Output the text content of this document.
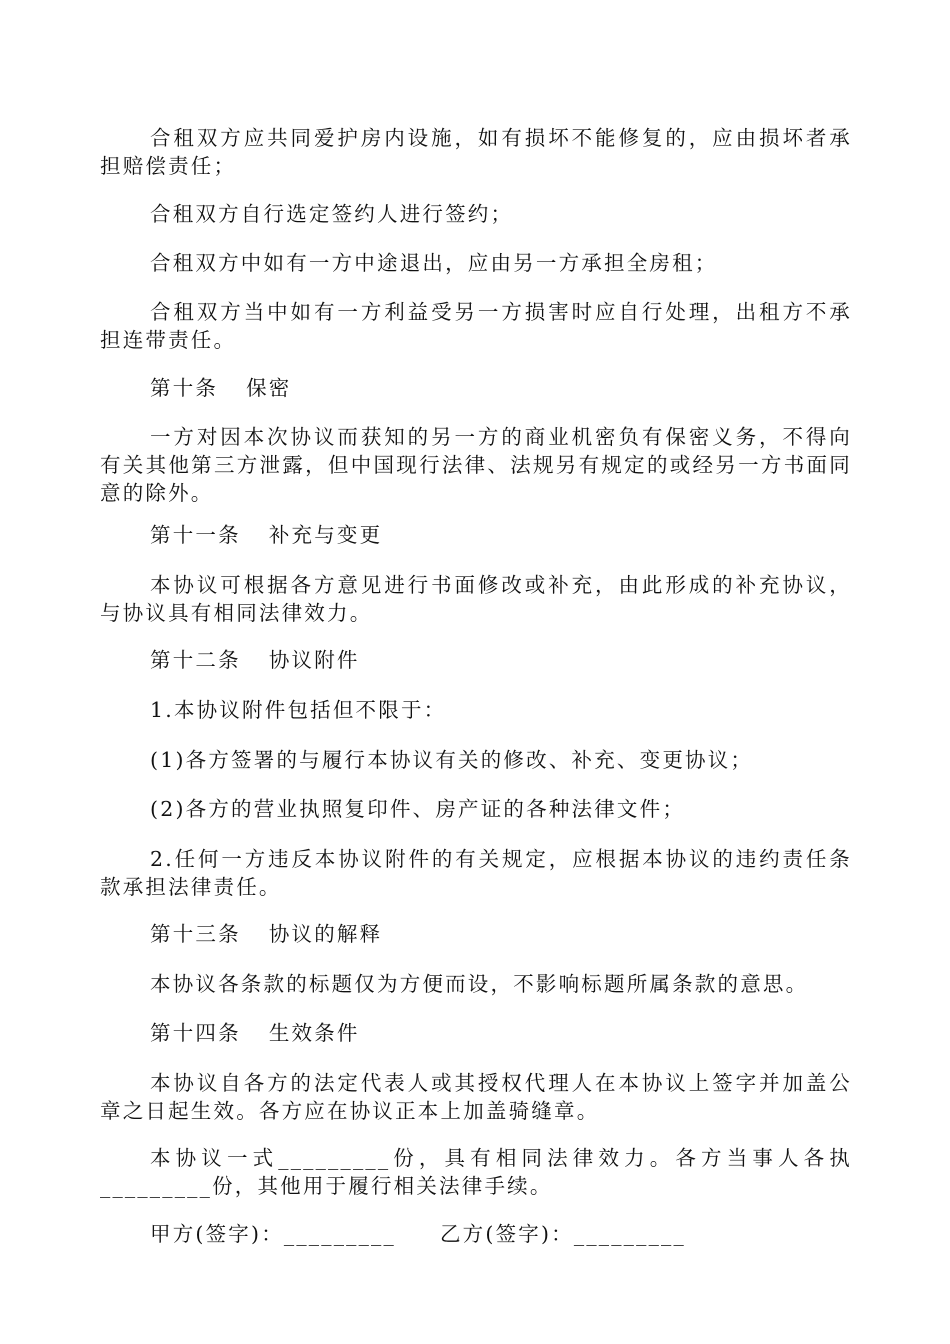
合租双方应共同爱护房内设施，如有损坏不能修复的，应由损坏者承担赔偿责任；
合租双方自行选定签约人进行签约；
合租双方中如有一方中途退出，应由另一方承担全房租；
合租双方当中如有一方利益受另一方损害时应自行处理，出租方不承担连带责任。
第十条 保密
一方对因本次协议而获知的另一方的商业机密负有保密义务，不得向有关其他第三方泄露，但中国现行法律、法规另有规定的或经另一方书面同意的除外。
第十一条 补充与变更
本协议可根据各方意见进行书面修改或补充，由此形成的补充协议，与协议具有相同法律效力。
第十二条 协议附件
1.本协议附件包括但不限于：
(1)各方签署的与履行本协议有关的修改、补充、变更协议；
(2)各方的营业执照复印件、房产证的各种法律文件；
2.任何一方违反本协议附件的有关规定，应根据本协议的违约责任条款承担法律责任。
第十三条 协议的解释
本协议各条款的标题仅为方便而设，不影响标题所属条款的意思。
第十四条 生效条件
本协议自各方的法定代表人或其授权代理人在本协议上签字并加盖公章之日起生效。各方应在协议正本上加盖骑缝章。
本协议一式_________份，具有相同法律效力。各方当事人各执_________份，其他用于履行相关法律手续。
甲方(签字)：_________ 乙方(签字)：_________
